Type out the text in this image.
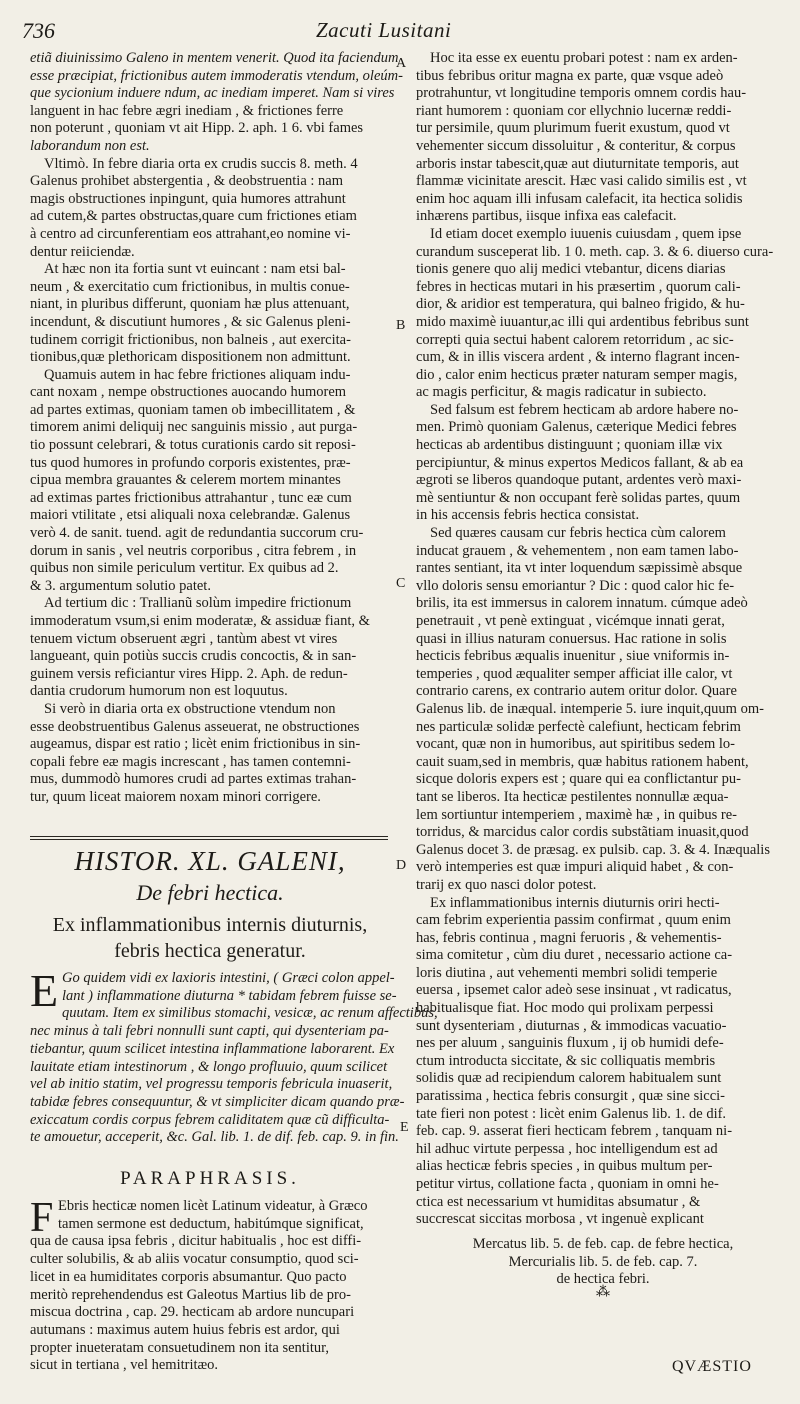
736	Zacuti Lusitani
A
B
C
D
E
etiã diuinissimo Galeno in mentem venerit. Quod ita faciendum
esse præcipiat, frictionibus autem immoderatis vtendum, oleúm-
que sycionium induere ndum, ac inediam imperet. Nam si vires
languent in hac febre ægri inediam , & frictiones ferre
non poterunt , quoniam vt ait Hipp. 2. aph. 1 6. vbi fames
laborandum non est.
Vltimò. In febre diaria orta ex crudis succis 8. meth. 4
Galenus prohibet abstergentia , & deobstruentia : nam
magis obstructiones inpingunt, quia humores attrahunt
ad cutem,& partes obstructas,quare cum frictiones etiam
à centro ad circunferentiam eos attrahant,eo nomine vi-
dentur reiiciendæ.
At hæc non ita fortia sunt vt euincant : nam etsi bal-
neum , & exercitatio cum frictionibus, in multis conue-
niant, in pluribus differunt, quoniam hæ plus attenuant,
incendunt, & discutiunt humores , & sic Galenus pleni-
tudinem corrigit frictionibus, non balneis , aut exercita-
tionibus,quæ plethoricam dispositionem non admittunt.
Quamuis autem in hac febre frictiones aliquam indu-
cant noxam , nempe obstructiones auocando humorem
ad partes extimas, quoniam tamen ob imbecillitatem , &
timorem animi deliquij nec sanguinis missio , aut purga-
tio possunt celebrari, & totus curationis cardo sit reposi-
tus quod humores in profundo corporis existentes, præ-
cipua membra grauantes & celerem mortem minantes
ad extimas partes frictionibus attrahantur , tunc eæ cum
maiori vtilitate , etsi aliquali noxa celebrandæ. Galenus
verò 4. de sanit. tuend. agit de redundantia succorum cru-
dorum in sanis , vel neutris corporibus , citra febrem , in
quibus non simile periculum vertitur. Ex quibus ad 2.
& 3. argumentum solutio patet.
Ad tertium dic : Trallianũ solùm impedire frictionum
immoderatum vsum,si enim moderatæ, & assiduæ fiant, &
tenuem victum obseruent ægri , tantùm abest vt vires
langueant, quin potiùs succis crudis concoctis, & in san-
guinem versis reficiantur vires Hipp. 2. Aph. de redun-
dantia crudorum humorum non est loquutus.
Si verò in diaria orta ex obstructione vtendum non
esse deobstruentibus Galenus asseuerat, ne obstructiones
augeamus, dispar est ratio ; licèt enim frictionibus in sin-
copali febre eæ magis increscant , has tamen contemni-
mus, dummodò humores crudi ad partes extimas trahan-
tur, quum liceat maiorem noxam minori corrigere.
HISTOR. XL. GALENI,
De febri hectica.
Ex inflammationibus internis diuturnis,
febris hectica generatur.
E Go quidem vidi ex laxioris intestini, ( Græci colon appel-
lant ) inflammatione diuturna * tabidam febrem fuisse se-
quutam. Item ex similibus stomachi, vesicæ, ac renum affectibus,
nec minus à tali febri nonnulli sunt capti, qui dysenteriam pa-
tiebantur, quum scilicet intestina inflammatione laborarent. Ex
lauitate etiam intestinorum , & longo profluuio, quum scilicet
vel ab initio statim, vel progressu temporis febricula inuaserit,
tabidæ febres consequuntur, & vt simpliciter dicam quando præ-
exiccatum cordis corpus febrem caliditatem quæ cũ difficulta-
te amouetur, acceperit, &c. Gal. lib. 1. de dif. feb. cap. 9. in fin.
PARAPHRASIS.
F Ebris hecticæ nomen licèt Latinum videatur, à Græco
tamen sermone est deductum, habitúmque significat,
qua de causa ipsa febris , dicitur habitualis , hoc est diffi-
culter solubilis, & ab aliis vocatur consumptio, quod sci-
licet in ea humiditates corporis absumantur. Quo pacto
meritò reprehendendus est Galeotus Martius lib de pro-
miscua doctrina , cap. 29. hecticam ab ardore nuncupari
autumans : maximus autem huius febris est ardor, qui
propter inueteratam consuetudinem non ita sentitur,
sicut in tertiana , vel hemitritæo.
Hoc ita esse ex euentu probari potest : nam ex arden-
tibus febribus oritur magna ex parte, quæ vsque adeò
protrahuntur, vt longitudine temporis omnem cordis hau-
riant humorem : quoniam cor ellychnio lucernæ reddi-
tur persimile, quum plurimum fuerit exustum, quod vt
vehementer siccum dissoluitur , & conteritur, & corpus
arboris instar tabescit,quæ aut diuturnitate temporis, aut
flammæ vicinitate arescit. Hæc vasi calido similis est , vt
enim hoc aquam illi infusam calefacit, ita hectica solidis
inhærens partibus, iisque infixa eas calefacit.
Id etiam docet exemplo iuuenis cuiusdam , quem ipse
curandum susceperat lib. 1 0. meth. cap. 3. & 6. diuerso cura-
tionis genere quo alij medici vtebantur, dicens diarias
febres in hecticas mutari in his præsertim , quorum cali-
dior, & aridior est temperatura, qui balneo frigido, & hu-
mido maximè iuuantur,ac illi qui ardentibus febribus sunt
correpti quia sectui habent calorem retorridum , ac sic-
cum, & in illis viscera ardent , & interno flagrant incen-
dio , calor enim hecticus præter naturam semper magis,
ac magis perficitur, & magis radicatur in subiecto.
Sed falsum est febrem hecticam ab ardore habere no-
men. Primò quoniam Galenus, cæterique Medici febres
hecticas ab ardentibus distinguunt ; quoniam illæ vix
percipiuntur, & minus expertos Medicos fallant, & ab ea
ægroti se liberos quandoque putant, ardentes verò maxi-
mè sentiuntur & non occupant ferè solidas partes, quum
in his accensis febris hectica consistat.
Sed quæres causam cur febris hectica cùm calorem
inducat grauem , & vehementem , non eam tamen labo-
rantes sentiant, ita vt inter loquendum sæpissimè absque
vllo doloris sensu emoriantur ? Dic : quod calor hic fe-
brilis, ita est immersus in calorem innatum. cúmque adeò
penetrauit , vt penè extinguat , vicémque innati gerat,
quasi in illius naturam conuersus. Hac ratione in solis
hecticis febribus æqualis inuenitur , siue vniformis in-
temperies , quod æqualiter semper afficiat ille calor, vt
contrario carens, ex contrario autem oritur dolor. Quare
Galenus lib. de inæqual. intemperie 5. iure inquit,quum om-
nes particulæ solidæ perfectè calefiunt, hecticam febrim
vocant, quæ non in humoribus, aut spiritibus sedem lo-
cauit suam,sed in membris, quæ habitus rationem habent,
sicque doloris expers est ; quare qui ea conflictantur pu-
tant se liberos. Ita hecticæ pestilentes nonnullæ æqua-
lem sortiuntur intemperiem , maximè hæ , in quibus re-
torridus, & marcidus calor cordis substãtiam inuasit,quod
Galenus docet 3. de præsag. ex pulsib. cap. 3. & 4. Inæqualis
verò intemperies est quæ impuri aliquid habet , & con-
trarij ex quo nasci dolor potest.
Ex inflammationibus internis diuturnis oriri hecti-
cam febrim experientia passim confirmat , quum enim
has, febris continua , magni feruoris , & vehementis-
sima comitetur , cùm diu duret , necessario actione ca-
loris diutina , aut vehementi membri solidi temperie
euersa , ipsemet calor adeò sese insinuat , vt radicatus,
habitualisque fiat. Hoc modo qui prolixam perpessi
sunt dysenteriam , diuturnas , & immodicas vacuatio-
nes per aluum , sanguinis fluxum , ij ob humidi defe-
ctum introducta siccitate, & sic colliquatis membris
solidis quæ ad recipiendum calorem habitualem sunt
paratissima , hectica febris consurgit , quæ sine sicci-
tate fieri non potest : licèt enim Galenus lib. 1. de dif.
feb. cap. 9. asserat fieri hecticam febrem , tanquam ni-
hil adhuc virtute perpessa , hoc intelligendum est ad
alias hecticæ febris species , in quibus multum per-
petitur virtus, collatione facta , quoniam in omni he-
ctica est necessarium vt humiditas absumatur , &
succrescat siccitas morbosa , vt ingenuè explicant
Mercatus lib. 5. de feb. cap. de febre hectica,
Mercurialis lib. 5. de feb. cap. 7.
de hectica febri.
⁂
QVÆSTIO
